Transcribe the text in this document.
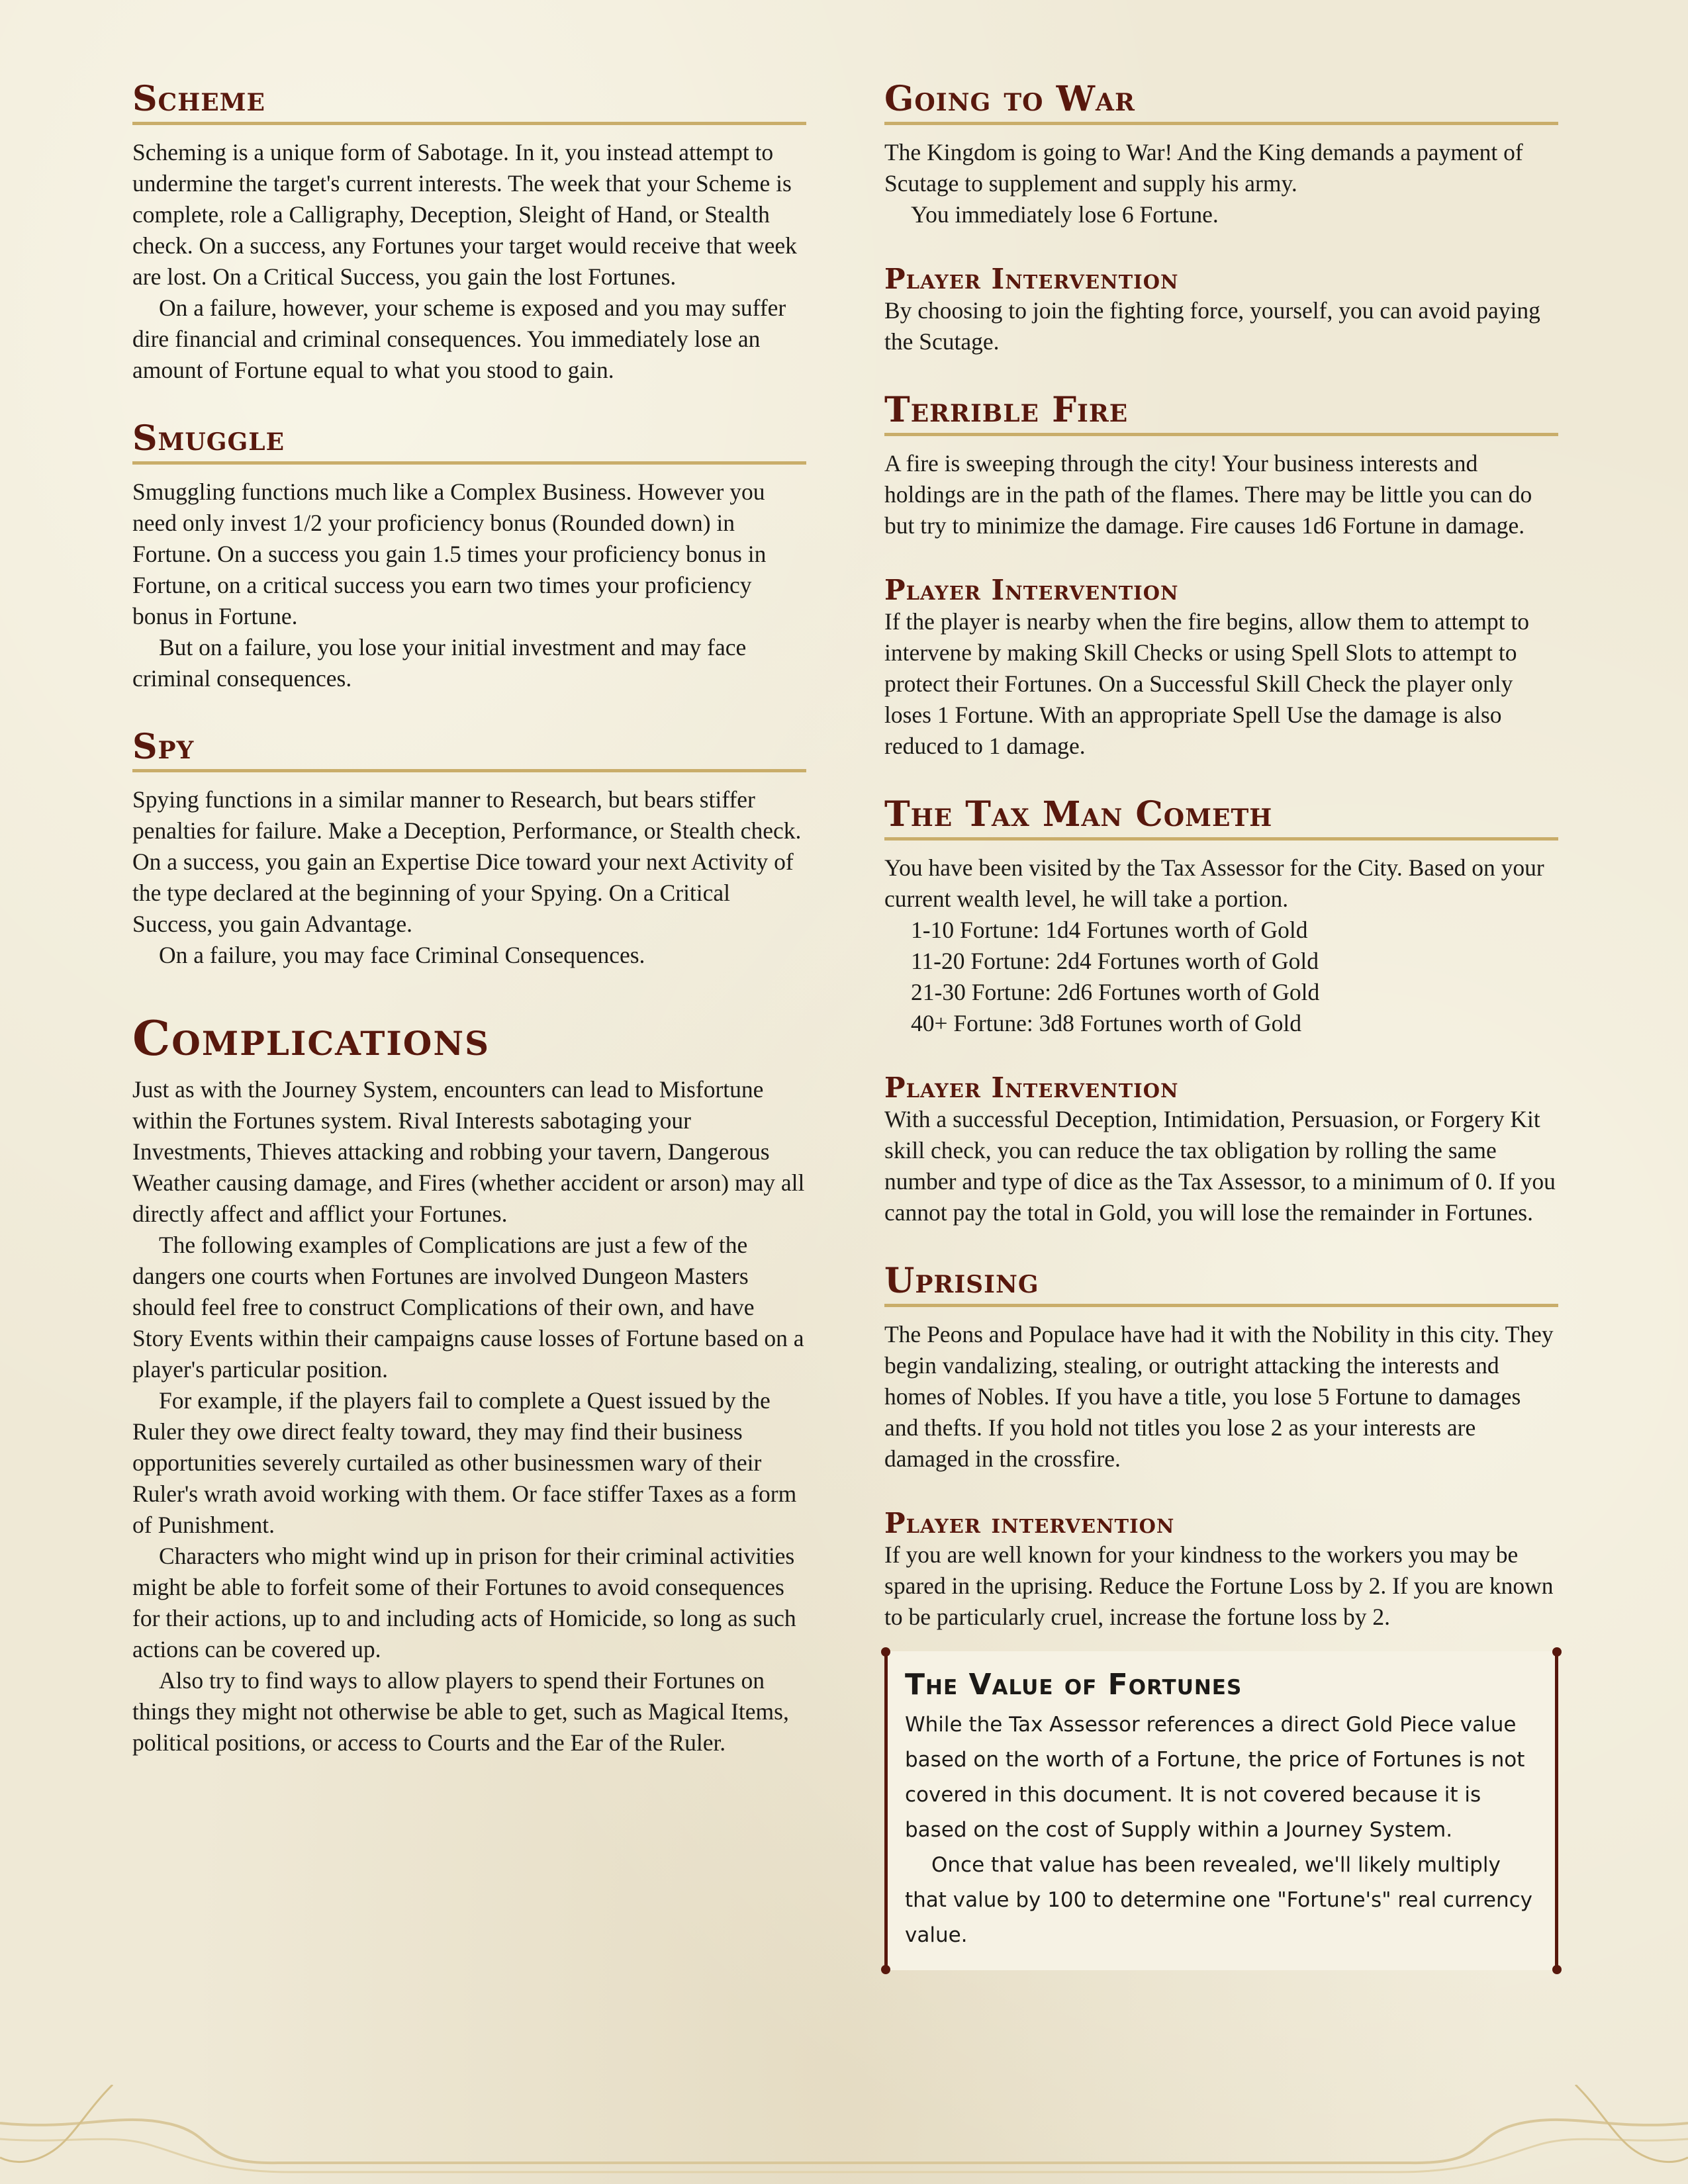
Scheme

Scheming is a unique form of Sabotage. In it, you instead attempt to undermine the target's current interests. The week that your Scheme is complete, role a Calligraphy, Deception, Sleight of Hand, or Stealth check. On a success, any Fortunes your target would receive that week are lost. On a Critical Success, you gain the lost Fortunes.

On a failure, however, your scheme is exposed and you may suffer dire financial and criminal consequences. You immediately lose an amount of Fortune equal to what you stood to gain.

Smuggle

Smuggling functions much like a Complex Business. However you need only invest 1/2 your proficiency bonus (Rounded down) in Fortune. On a success you gain 1.5 times your proficiency bonus in Fortune, on a critical success you earn two times your proficiency bonus in Fortune.

But on a failure, you lose your initial investment and may face criminal consequences.

Spy

Spying functions in a similar manner to Research, but bears stiffer penalties for failure. Make a Deception, Performance, or Stealth check. On a success, you gain an Expertise Dice toward your next Activity of the type declared at the beginning of your Spying. On a Critical Success, you gain Advantage.

On a failure, you may face Criminal Consequences.

Complications

Just as with the Journey System, encounters can lead to Misfortune within the Fortunes system. Rival Interests sabotaging your Investments, Thieves attacking and robbing your tavern, Dangerous Weather causing damage, and Fires (whether accident or arson) may all directly affect and afflict your Fortunes.

The following examples of Complications are just a few of the dangers one courts when Fortunes are involved Dungeon Masters should feel free to construct Complications of their own, and have Story Events within their campaigns cause losses of Fortune based on a player's particular position.

For example, if the players fail to complete a Quest issued by the Ruler they owe direct fealty toward, they may find their business opportunities severely curtailed as other businessmen wary of their Ruler's wrath avoid working with them. Or face stiffer Taxes as a form of Punishment.

Characters who might wind up in prison for their criminal activities might be able to forfeit some of their Fortunes to avoid consequences for their actions, up to and including acts of Homicide, so long as such actions can be covered up.

Also try to find ways to allow players to spend their Fortunes on things they might not otherwise be able to get, such as Magical Items, political positions, or access to Courts and the Ear of the Ruler.

Going to War

The Kingdom is going to War! And the King demands a payment of Scutage to supplement and supply his army.

You immediately lose 6 Fortune.

Player Intervention

By choosing to join the fighting force, yourself, you can avoid paying the Scutage.

Terrible Fire

A fire is sweeping through the city! Your business interests and holdings are in the path of the flames. There may be little you can do but try to minimize the damage. Fire causes 1d6 Fortune in damage.

Player Intervention

If the player is nearby when the fire begins, allow them to attempt to intervene by making Skill Checks or using Spell Slots to attempt to protect their Fortunes. On a Successful Skill Check the player only loses 1 Fortune. With an appropriate Spell Use the damage is also reduced to 1 damage.

The Tax Man Cometh

You have been visited by the Tax Assessor for the City. Based on your current wealth level, he will take a portion.

1-10 Fortune: 1d4 Fortunes worth of Gold

11-20 Fortune: 2d4 Fortunes worth of Gold

21-30 Fortune: 2d6 Fortunes worth of Gold

40+ Fortune: 3d8 Fortunes worth of Gold

Player Intervention

With a successful Deception, Intimidation, Persuasion, or Forgery Kit skill check, you can reduce the tax obligation by rolling the same number and type of dice as the Tax Assessor, to a minimum of 0. If you cannot pay the total in Gold, you will lose the remainder in Fortunes.

Uprising

The Peons and Populace have had it with the Nobility in this city. They begin vandalizing, stealing, or outright attacking the interests and homes of Nobles. If you have a title, you lose 5 Fortune to damages and thefts. If you hold not titles you lose 2 as your interests are damaged in the crossfire.

Player intervention

If you are well known for your kindness to the workers you may be spared in the uprising. Reduce the Fortune Loss by 2. If you are known to be particularly cruel, increase the fortune loss by 2.

The Value of Fortunes

While the Tax Assessor references a direct Gold Piece value based on the worth of a Fortune, the price of Fortunes is not covered in this document. It is not covered because it is based on the cost of Supply within a Journey System.

Once that value has been revealed, we'll likely multiply that value by 100 to determine one "Fortune's" real currency value.
